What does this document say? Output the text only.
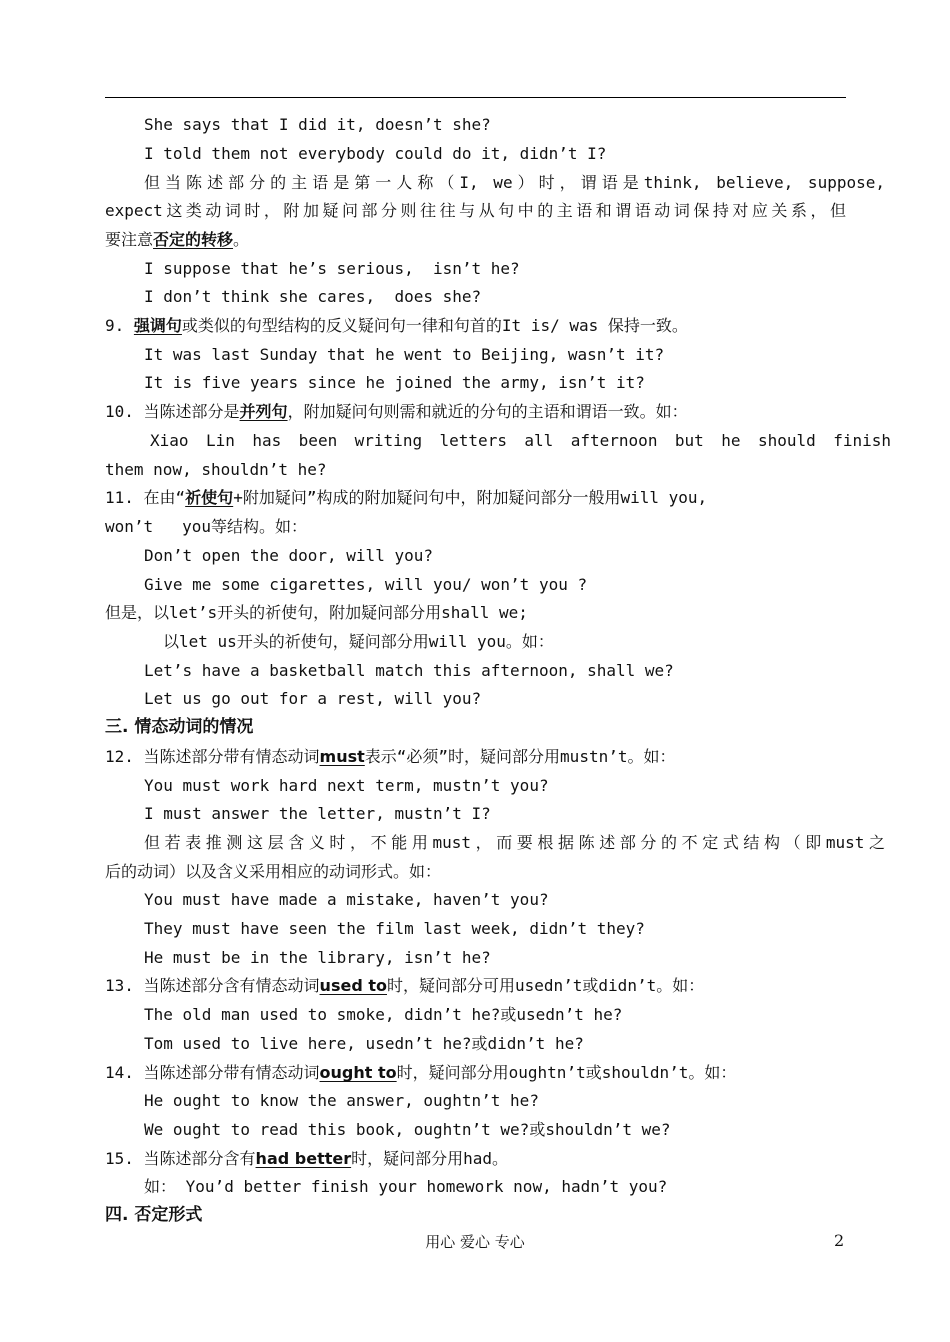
She says that I did it, doesn’t she?
I told them not everybody could do it, didn’t I?
但当陈述部分的主语是第一人称（I, we）时，谓语是think, believe, suppose,
expect这类动词时，附加疑问部分则往往与从句中的主语和谓语动词保持对应关系，但
要注意否定的转移。
I suppose that he’s serious,  isn’t he?
I don’t think she cares,  does she?
9. 强调句或类似的句型结构的反义疑问句一律和句首的It is/ was 保持一致。
It was last Sunday that he went to Beijing, wasn’t it?
It is five years since he joined the army, isn’t it?
10. 当陈述部分是并列句，附加疑问句则需和就近的分句的主语和谓语一致。如：
Xiao Lin has been writing letters all afternoon but he should finish
them now, shouldn’t he?
11. 在由“祈使句+附加疑问”构成的附加疑问句中，附加疑问部分一般用will you,
won’t   you等结构。如：
Don’t open the door, will you?
Give me some cigarettes, will you/ won’t you ?
但是，以let’s开头的祈使句，附加疑问部分用shall we;
以let us开头的祈使句，疑问部分用will you。如：
Let’s have a basketball match this afternoon, shall we?
Let us go out for a rest, will you?
三. 情态动词的情况
12. 当陈述部分带有情态动词must表示“必须”时，疑问部分用mustn’t。如：
You must work hard next term, mustn’t you?
I must answer the letter, mustn’t I?
但若表推测这层含义时，不能用must，而要根据陈述部分的不定式结构（即must之
后的动词）以及含义采用相应的动词形式。如：
You must have made a mistake, haven’t you?
They must have seen the film last week, didn’t they?
He must be in the library, isn’t he?
13. 当陈述部分含有情态动词used to时，疑问部分可用usedn’t或didn’t。如：
The old man used to smoke, didn’t he?或usedn’t he?
Tom used to live here, usedn’t he?或didn’t he?
14. 当陈述部分带有情态动词ought to时，疑问部分用oughtn’t或shouldn’t。如：
He ought to know the answer, oughtn’t he?
We ought to read this book, oughtn’t we?或shouldn’t we?
15. 当陈述部分含有had better时，疑问部分用had。
如： You’d better finish your homework now, hadn’t you?
四. 否定形式
用心 爱心 专心	2
